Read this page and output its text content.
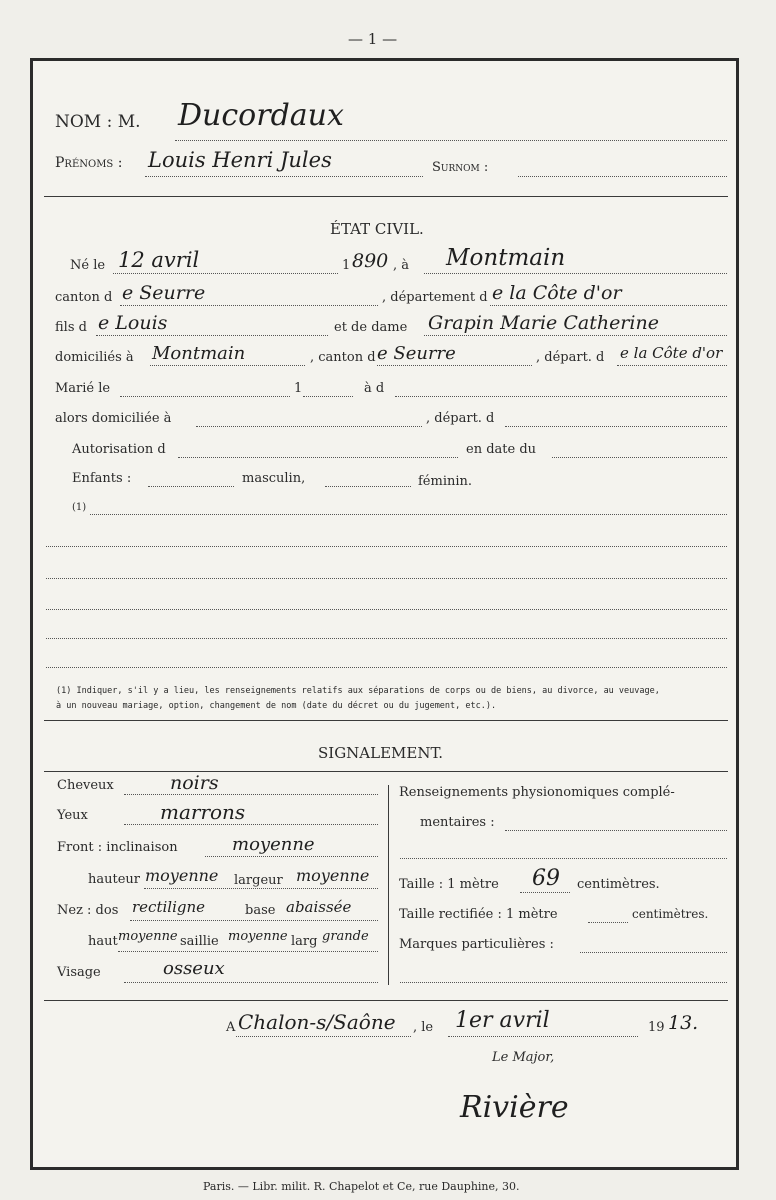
— 1 —
NOM : M. Ducordaux
Prénoms : Louis Henri Jules	Surnom :
ÉTAT CIVIL.
Né le 12 avril	1 890 , à Montmain
canton d e Seurre	, département d e la Côte d'or
fils d e Louis	et de dame Grapin Marie Catherine
domiciliés à Montmain	, canton d e Seurre	, départ. d e la Côte d'or
Marié le	1	à d
alors domiciliée à	, départ. d
Autorisation d	en date du
Enfants :	masculin,	féminin.
(1)
(1) Indiquer, s'il y a lieu, les renseignements relatifs aux séparations de corps ou de biens, au divorce, au veuvage,
à un nouveau mariage, option, changement de nom (date du décret ou du jugement, etc.).
SIGNALEMENT.
Cheveux	noirs
Yeux	marrons
Front : inclinaison	moyenne
hauteur moyenne largeur moyenne
Nez : dos rectiligne	base abaissée
haut moyenne saillie moyenne larg grande
Visage	osseux
Renseignements physionomiques complé-
mentaires :
Taille : 1 mètre 69 centimètres.
Taille rectifiée : 1 mètre	centimètres.
Marques particulières :
A Chalon-s/Saône , le 1er avril	19 13.
Le Major,
Rivière
Paris. — Libr. milit. R. Chapelot et Ce, rue Dauphine, 30.
